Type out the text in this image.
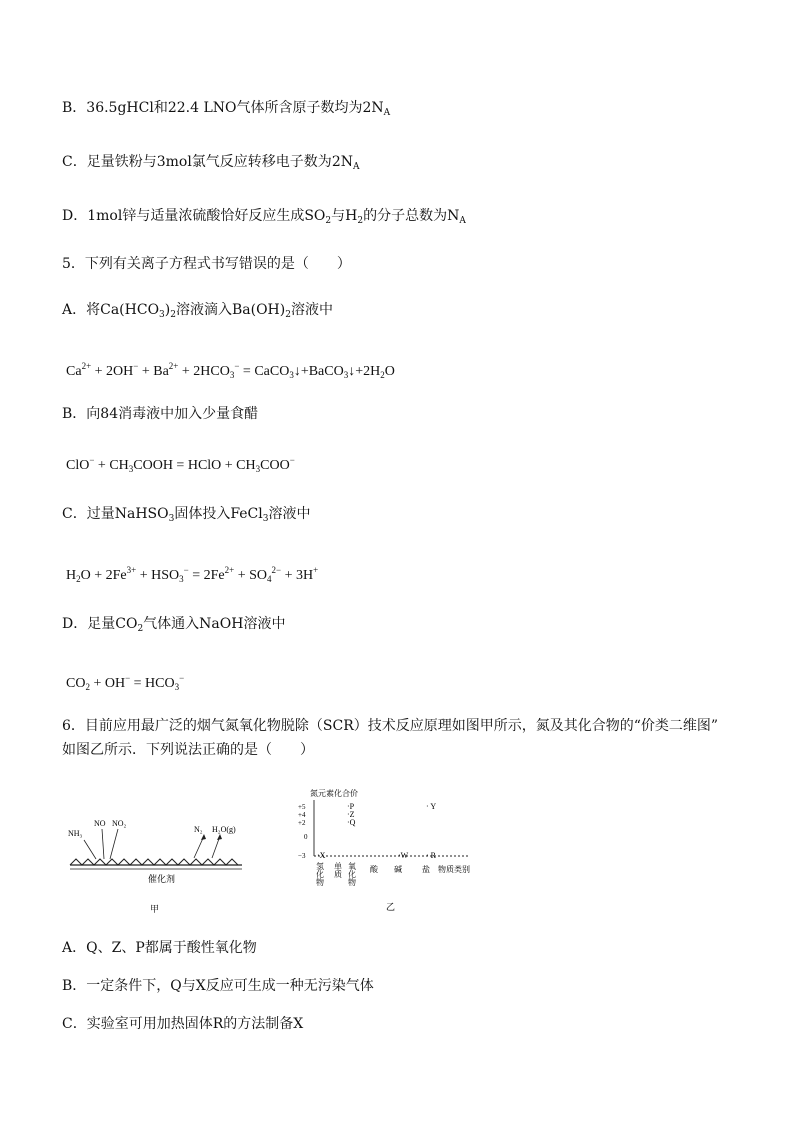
B．36.5gHCl和22.4 LNO气体所含原子数均为$2N_A$
C．足量铁粉与3mol氯气反应转移电子数为$2N_A$
D．1mol锌与适量浓硫酸恰好反应生成$SO_2$与$H_2$的分子总数为$N_A$
5．下列有关离子方程式书写错误的是（　　）
A．将$Ca(HCO_3)_2$溶液滴入$Ba(OH)_2$溶液中
$Ca^{2+} + 2OH^- + Ba^{2+} + 2HCO_3^-$ = $CaCO_3↓+BaCO_3↓+2H_2O$
B．向84消毒液中加入少量食醋
$ClO^- + CH_3COOH$ = HClO + $CH_3COO^-$
C．过量NaHSO$_3$固体投入FeCl$_3$溶液中
$H_2O + 2Fe^{3+} + HSO_3^- = 2Fe^{2+} + SO_4^{2-} + 3H^+$
D．足量$CO_2$气体通入NaOH溶液中
$CO_2 + OH^- = HCO_3^-$
6．目前应用最广泛的烟气氮氧化物脱除（SCR）技术反应原理如图甲所示，氮及其化合物的“价类二维图”
如图乙所示．下列说法正确的是（　　）
NH₃
NO NO₂
N₂ H₂O(g)
催化剂
甲
氮元素化合价
+5
+4
+2
0
−3
·P
·Z
·Q
· Y
·X	·W · R
氢化物 单质 氧化物 酸 碱	盐 物质类别
乙
A．Q、Z、P都属于酸性氧化物
B．一定条件下，Q与X反应可生成一种无污染气体
C．实验室可用加热固体R的方法制备X
